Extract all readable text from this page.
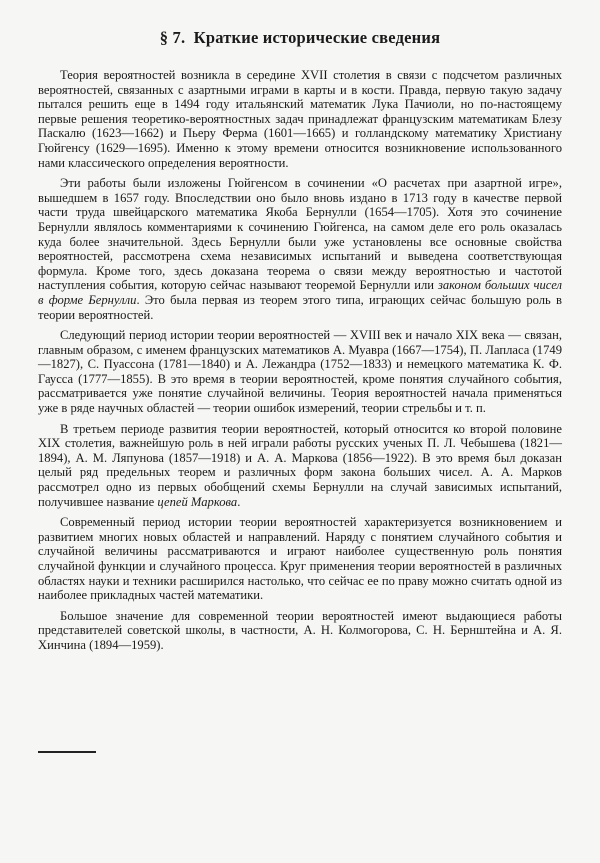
§ 7. Краткие исторические сведения

Теория вероятностей возникла в середине XVII столетия в связи с подсчетом различных вероятностей, связанных с азартными играми в карты и в кости. Правда, первую такую задачу пытался решить еще в 1494 году итальянский математик Лука Пачиоли, но по-настоящему первые решения теоретико-вероятностных задач принадлежат французским математикам Блезу Паскалю (1623—1662) и Пьеру Ферма (1601—1665) и голландскому математику Христиану Гюйгенсу (1629—1695). Именно к этому времени относится возникновение использованного нами классического определения вероятности.

Эти работы были изложены Гюйгенсом в сочинении «О расчетах при азартной игре», вышедшем в 1657 году. Впоследствии оно было вновь издано в 1713 году в качестве первой части труда швейцарского математика Якоба Бернулли (1654—1705). Хотя это сочинение Бернулли являлось комментариями к сочинению Гюйгенса, на самом деле его роль оказалась куда более значительной. Здесь Бернулли были уже установлены все основные свойства вероятностей, рассмотрена схема независимых испытаний и выведена соответствующая формула. Кроме того, здесь доказана теорема о связи между вероятностью и частотой наступления события, которую сейчас называют теоремой Бернулли или законом больших чисел в форме Бернулли. Это была первая из теорем этого типа, играющих сейчас большую роль в теории вероятностей.

Следующий период истории теории вероятностей — XVIII век и начало XIX века — связан, главным образом, с именем французских математиков А. Муавра (1667—1754), П. Лапласа (1749—1827), С. Пуассона (1781—1840) и А. Лежандра (1752—1833) и немецкого математика К. Ф. Гаусса (1777—1855). В это время в теории вероятностей, кроме понятия случайного события, рассматривается уже понятие случайной величины. Теория вероятностей начала применяться уже в ряде научных областей — теории ошибок измерений, теории стрельбы и т. п.

В третьем периоде развития теории вероятностей, который относится ко второй половине XIX столетия, важнейшую роль в ней играли работы русских ученых П. Л. Чебышева (1821—1894), А. М. Ляпунова (1857—1918) и А. А. Маркова (1856—1922). В это время был доказан целый ряд предельных теорем и различных форм закона больших чисел. А. А. Марков рассмотрел одно из первых обобщений схемы Бернулли на случай зависимых испытаний, получившее название цепей Маркова.

Современный период истории теории вероятностей характеризуется возникновением и развитием многих новых областей и направлений. Наряду с понятием случайного события и случайной величины рассматриваются и играют наиболее существенную роль понятия случайной функции и случайного процесса. Круг применения теории вероятностей в различных областях науки и техники расширился настолько, что сейчас ее по праву можно считать одной из наиболее прикладных частей математики.

Большое значение для современной теории вероятностей имеют выдающиеся работы представителей советской школы, в частности, А. Н. Колмогорова, С. Н. Бернштейна и А. Я. Хинчина (1894—1959).
